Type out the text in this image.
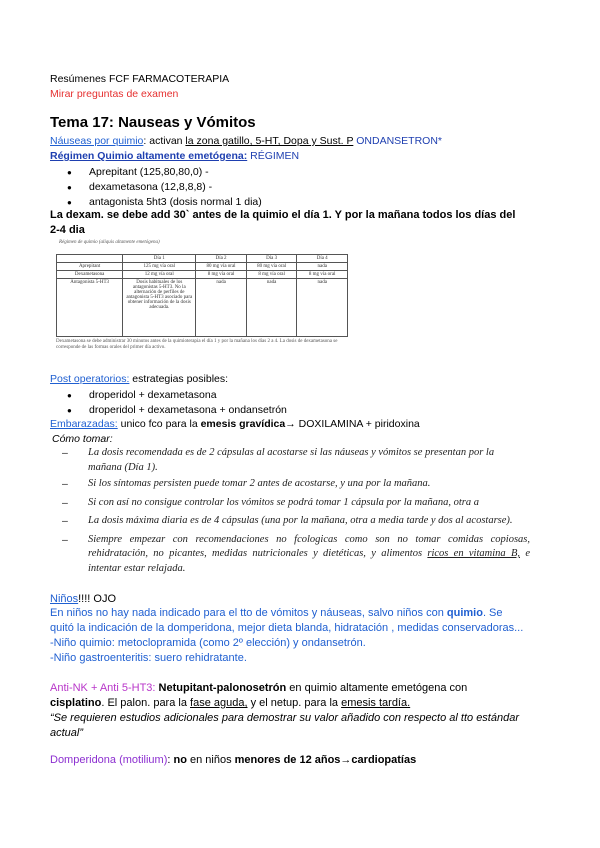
Resúmenes FCF FARMACOTERAPIA
Mirar preguntas de examen
Tema 17: Nauseas y Vómitos
Náuseas por quimio: activan la zona gatillo, 5-HT, Dopa y Sust. P ONDANSETRON*
Régimen Quimio altamente emetógena: RÉGIMEN
● Aprepitant (125,80,80,0) -
● dexametasona (12,8,8,8) -
● antagonista 5ht3 (dosis normal 1 dia)
La dexam. se debe add 30` antes de la quimio el día 1. Y por la mañana todos los días del
2-4 dia
Régimen de quimio (aliquis altamente emetógena)
	Día 1	Día 2	Día 3	Día 4
Aprepitant	125 mg vía oral	80 mg vía oral	80 mg vía oral	nada
Dexametasona	12 mg vía oral	8 mg vía oral	8 mg vía oral	8 mg vía oral
Antagonista 5-HT3	Dosis habituales de los antagonistas 5-HT3. No la alternación de perfiles de antagonista 5-HT3 asociado para obtener información de la dosis adecuada.	nada	nada	nada
Dexametasona se debe administrar 30 minutos antes de la quimioterapia el día 1 y por la mañana los días 2 a 4. La dosis de dexametasona se corresponde de las formas orales del primer día activo.
Post operatorios: estrategias posibles:
● droperidol + dexametasona
● droperidol + dexametasona + ondansetrón
Embarazadas: unico fco para la emesis gravídica→ DOXILAMINA + piridoxina
Cómo tomar:
– La dosis recomendada es de 2 cápsulas al acostarse si las náuseas y vómitos se presentan por la mañana (Día 1).
– Si los síntomas persisten puede tomar 2 antes de acostarse, y una por la mañana.
– Si con así no consigue controlar los vómitos se podrá tomar 1 cápsula por la mañana, otra a
– La dosis máxima diaria es de 4 cápsulas (una por la mañana, otra a media tarde y dos al acostarse).
– Siempre empezar con recomendaciones no fcologicas como son no tomar comidas copiosas, rehidratación, no picantes, medidas nutricionales y dietéticas, y alimentos ricos en vitamina B, e intentar estar relajada.
Niños!!!! OJO
En niños no hay nada indicado para el tto de vómitos y náuseas, salvo niños con quimio. Se
quitó la indicación de la domperidona, mejor dieta blanda, hidratación , medidas conservadoras...
-Niño quimio: metoclopramida (como 2º elección) y ondansetrón.
-Niño gastroenteritis: suero rehidratante.
Anti-NK + Anti 5-HT3: Netupitant-palonosetrón en quimio altamente emetógena con
cisplatino. El palon. para la fase aguda, y el netup. para la emesis tardía.
“Se requieren estudios adicionales para demostrar su valor añadido con respecto al tto estándar
actual”
Domperidona (motilium): no en niños menores de 12 años→cardiopatías
